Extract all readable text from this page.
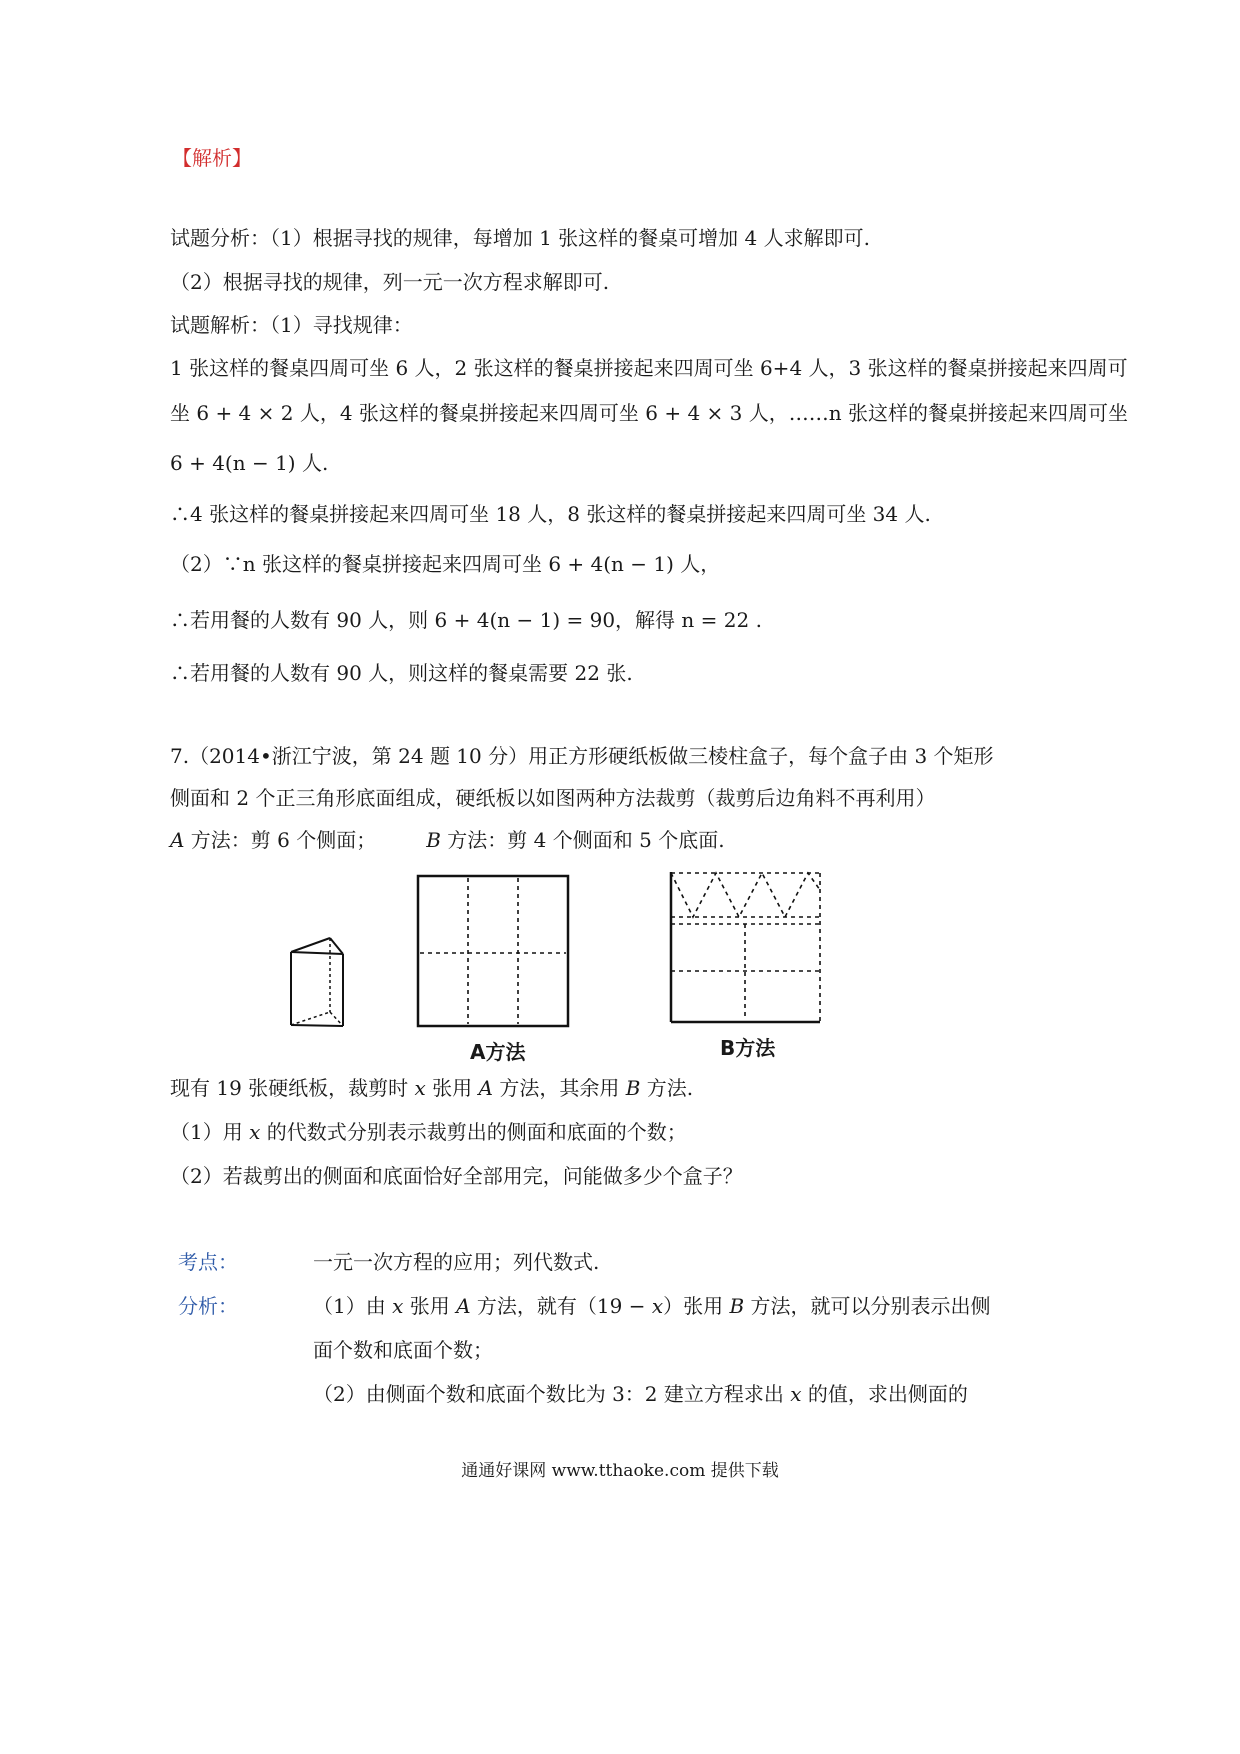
【解析】
试题分析：（1）根据寻找的规律，每增加 1 张这样的餐桌可增加 4 人求解即可.
（2）根据寻找的规律，列一元一次方程求解即可.
试题解析：（1）寻找规律：
1 张这样的餐桌四周可坐 6 人，2 张这样的餐桌拼接起来四周可坐 6+4 人，3 张这样的餐桌拼接起来四周可
坐 6 + 4 × 2 人，4 张这样的餐桌拼接起来四周可坐 6 + 4 × 3 人，……n 张这样的餐桌拼接起来四周可坐
6 + 4(n − 1) 人.
∴4 张这样的餐桌拼接起来四周可坐 18 人，8 张这样的餐桌拼接起来四周可坐 34 人.
（2）∵n 张这样的餐桌拼接起来四周可坐 6 + 4(n − 1) 人，
∴若用餐的人数有 90 人，则 6 + 4(n − 1) = 90，解得 n = 22 .
∴若用餐的人数有 90 人，则这样的餐桌需要 22 张.
7.（2014•浙江宁波，第 24 题 10 分）用正方形硬纸板做三棱柱盒子，每个盒子由 3 个矩形
侧面和 2 个正三角形底面组成，硬纸板以如图两种方法裁剪（裁剪后边角料不再利用）
A 方法：剪 6 个侧面；	B 方法：剪 4 个侧面和 5 个底面.
A方法	B方法
现有 19 张硬纸板，裁剪时 x 张用 A 方法，其余用 B 方法.
（1）用 x 的代数式分别表示裁剪出的侧面和底面的个数；
（2）若裁剪出的侧面和底面恰好全部用完，问能做多少个盒子？
考点：	一元一次方程的应用；列代数式.
分析：	（1）由 x 张用 A 方法，就有（19 − x）张用 B 方法，就可以分别表示出侧
面个数和底面个数；
（2）由侧面个数和底面个数比为 3：2 建立方程求出 x 的值，求出侧面的
通通好课网 www.tthaoke.com 提供下载
